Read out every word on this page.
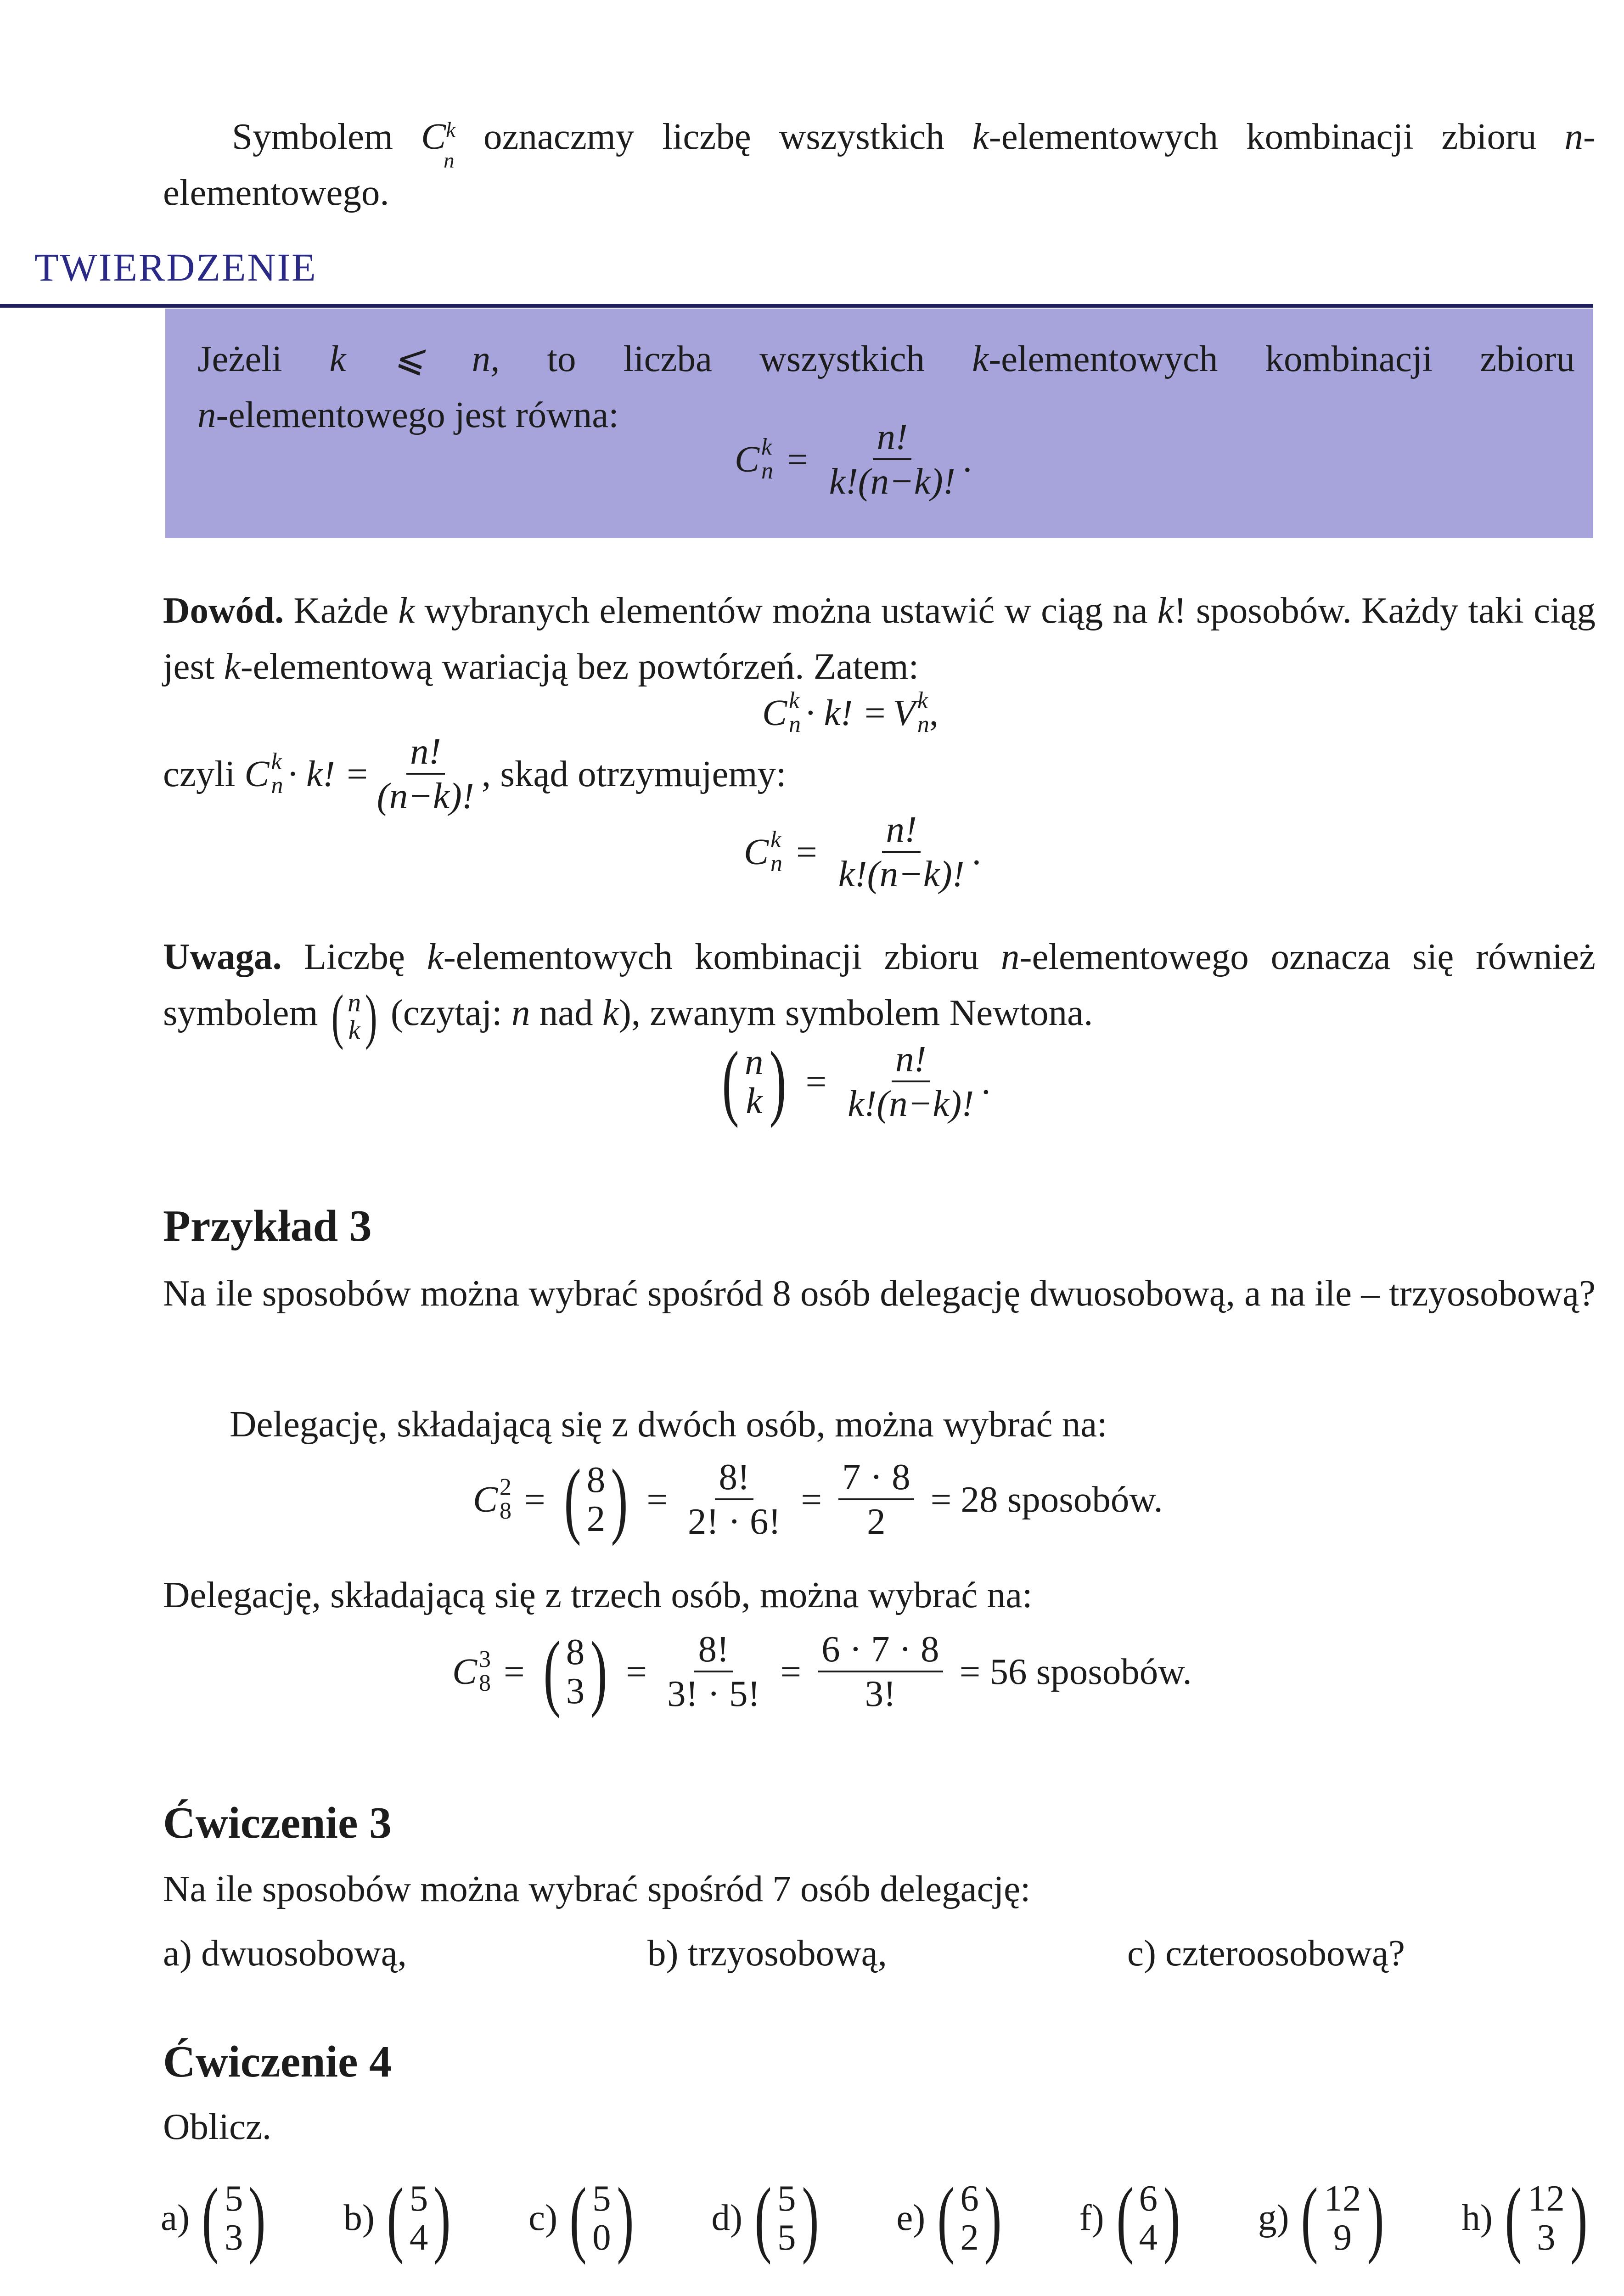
Symbolem $C^k$
n
oznaczmy liczbę wszystkich k-elementowych kombinacji zbioru n-elementowego.
TWIERDZENIE
Jeżeli k ⩽ n, to liczba wszystkich k-elementowych kombinacji zbioru
n-elementowego jest równa:
C k
$n = \frac{n!}{k!(n-k)!}$ .
Dowód. Każde k wybranych elementów można ustawić w ciąg na k! sposobów. Każdy taki ciąg jest k-elementową wariacją bez powtórzeń. Zatem:
C k
n · k! = V k
n ,
czyli C k
n · k! = $\frac{n!}{(n-k)!}$ , skąd otrzymujemy:
C k
$n = \frac{n!}{k!(n-k)!}$ .
Uwaga. Liczbę k-elementowych kombinacji zbioru n-elementowego oznacza się również symbolem ( n
k ) (czytaj: n nad k), zwanym symbolem Newtona.
( n
k ) = $\frac{n!}{k!(n-k)!}$ .
Przykład 3
Na ile sposobów można wybrać spośród 8 osób delegację dwuosobową, a na ile – trzyosobową?
Delegację, składającą się z dwóch osób, można wybrać na:
C 2
8 = ( 8
2 ) = $\frac{8!}{2! \cdot 6!} = \frac{7 \cdot 8}{2} = 28$ sposobów.
Delegację, składającą się z trzech osób, można wybrać na:
C 3
8 = ( 8
3 ) = $\frac{8!}{3! \cdot 5!} = \frac{6 \cdot 7 \cdot 8}{3!} = 56$ sposobów.
Ćwiczenie 3
Na ile sposobów można wybrać spośród 7 osób delegację:
a) dwuosobową,	b) trzyosobową,	c) czteroosobową?
Ćwiczenie 4
Oblicz.
a) ( 5
3 ) b) ( 5
4 ) c) ( 5
0 ) d) ( 5
5 ) e) ( 6
2 ) f) ( 6
4 ) g) ( 12
9 ) h) ( 12
3 )
